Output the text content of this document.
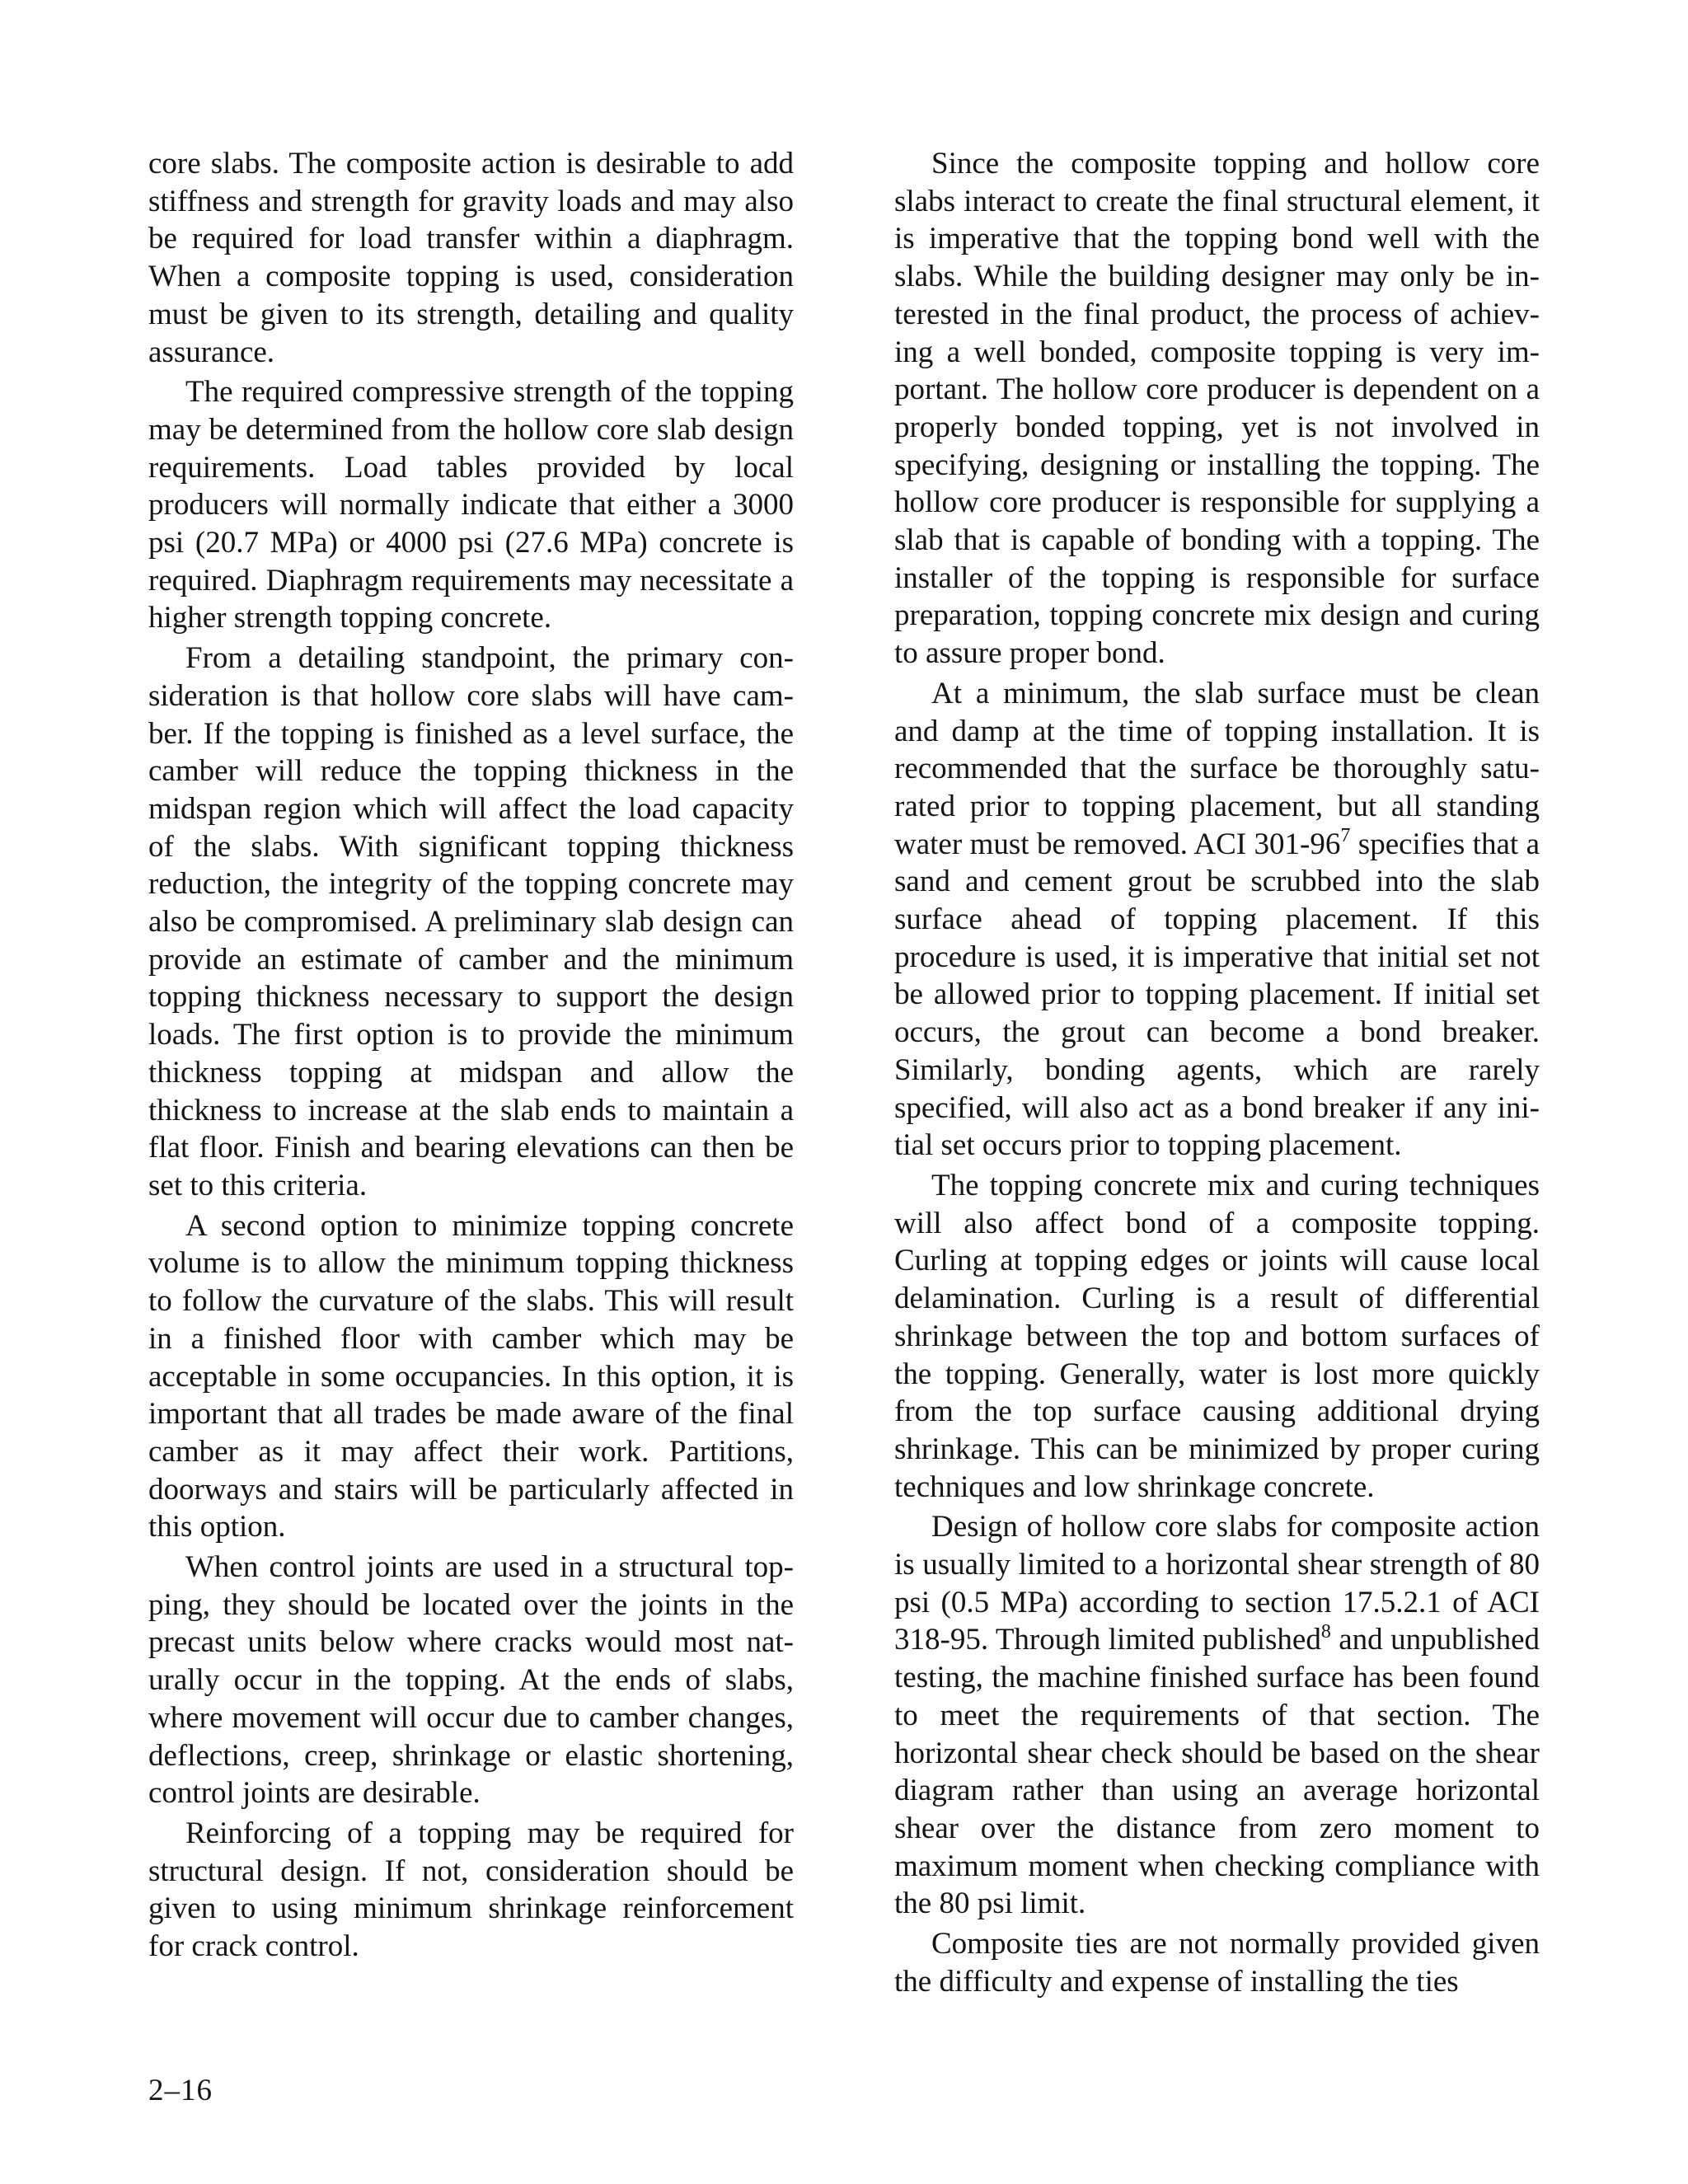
core slabs. The composite action is desirable to add stiffness and strength for gravity loads and may also be required for load transfer within a diaphragm. When a composite topping is used, consideration must be given to its strength, detailing and quality assurance.

The required compressive strength of the topping may be determined from the hollow core slab design requirements. Load tables provided by local producers will normally indicate that either a 3000 psi (20.7 MPa) or 4000 psi (27.6 MPa) concrete is required. Diaphragm requirements may necessitate a higher strength topping concrete.

From a detailing standpoint, the primary consideration is that hollow core slabs will have camber. If the topping is finished as a level surface, the camber will reduce the topping thickness in the midspan region which will affect the load capacity of the slabs. With significant topping thickness reduction, the integrity of the topping concrete may also be compromised. A preliminary slab design can provide an estimate of camber and the minimum topping thickness necessary to support the design loads. The first option is to provide the minimum thickness topping at midspan and allow the thickness to increase at the slab ends to maintain a flat floor. Finish and bearing elevations can then be set to this criteria.

A second option to minimize topping concrete volume is to allow the minimum topping thickness to follow the curvature of the slabs. This will result in a finished floor with camber which may be acceptable in some occupancies. In this option, it is important that all trades be made aware of the final camber as it may affect their work. Partitions, doorways and stairs will be particularly affected in this option.

When control joints are used in a structural topping, they should be located over the joints in the precast units below where cracks would most naturally occur in the topping. At the ends of slabs, where movement will occur due to camber changes, deflections, creep, shrinkage or elastic shortening, control joints are desirable.

Reinforcing of a topping may be required for structural design. If not, consideration should be given to using minimum shrinkage reinforcement for crack control.

Since the composite topping and hollow core slabs interact to create the final structural element, it is imperative that the topping bond well with the slabs. While the building designer may only be interested in the final product, the process of achieving a well bonded, composite topping is very important. The hollow core producer is dependent on a properly bonded topping, yet is not involved in specifying, designing or installing the topping. The hollow core producer is responsible for supplying a slab that is capable of bonding with a topping. The installer of the topping is responsible for surface preparation, topping concrete mix design and curing to assure proper bond.

At a minimum, the slab surface must be clean and damp at the time of topping installation. It is recommended that the surface be thoroughly saturated prior to topping placement, but all standing water must be removed. ACI $301-96^7$ specifies that a sand and cement grout be scrubbed into the slab surface ahead of topping placement. If this procedure is used, it is imperative that initial set not be allowed prior to topping placement. If initial set occurs, the grout can become a bond breaker. Similarly, bonding agents, which are rarely specified, will also act as a bond breaker if any initial set occurs prior to topping placement.

The topping concrete mix and curing techniques will also affect bond of a composite topping. Curling at topping edges or joints will cause local delamination. Curling is a result of differential shrinkage between the top and bottom surfaces of the topping. Generally, water is lost more quickly from the top surface causing additional drying shrinkage. This can be minimized by proper curing techniques and low shrinkage concrete.

Design of hollow core slabs for composite action is usually limited to a horizontal shear strength of 80 psi (0.5 MPa) according to section 17.5.2.1 of ACI 318-95. Through limited published$^8$ and unpublished testing, the machine finished surface has been found to meet the requirements of that section. The horizontal shear check should be based on the shear diagram rather than using an average horizontal shear over the distance from zero moment to maximum moment when checking compliance with the 80 psi limit.

Composite ties are not normally provided given the difficulty and expense of installing the ties

2–16
